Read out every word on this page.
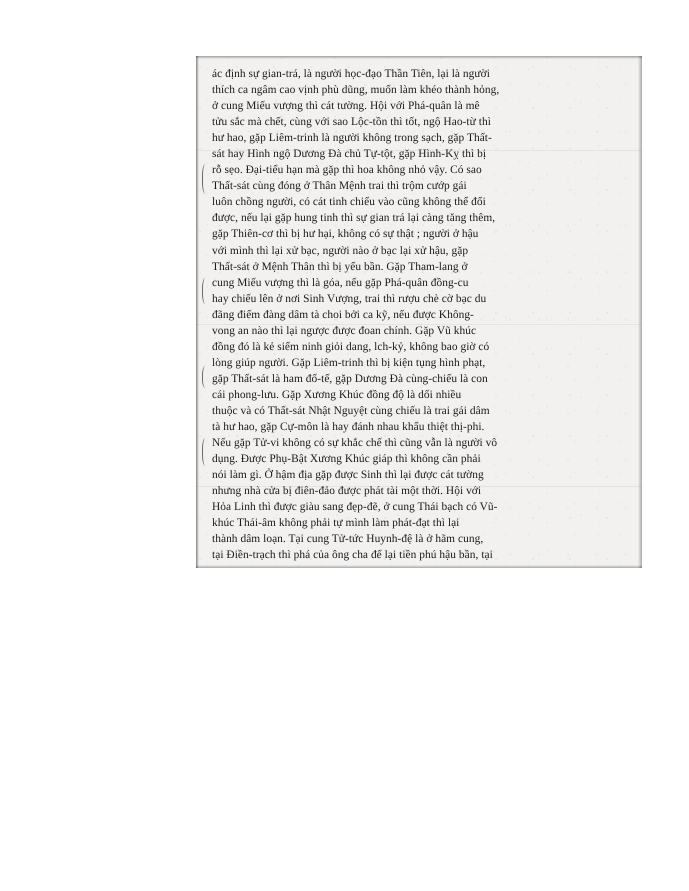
ác định sự gian-trá, là người học-đạo Thần Tiên, lại là người
thích ca ngâm cao vịnh phù dũng, muốn làm khéo thành hỏng,
ở cung Miếu vượng thì cát tường. Hội với Phá-quân là mê
tửu sắc mà chết, cùng với sao Lộc-tồn thì tốt, ngộ Hao-từ thì
hư hao, gặp Liêm-trinh là người không trong sạch, gặp Thất-
sát hay Hình ngộ Dương Đà chủ Tự-tột, gặp Hình-Kỵ thì bị
rỗ sẹo. Đại-tiểu hạn mà gặp thì hoa không nhỏ vậy. Có sao
Thất-sát cùng đóng ở Thân Mệnh trai thì trộm cướp gái
luôn chồng người, có cát tinh chiếu vào cũng không thể đổi
được, nếu lại gặp hung tinh thì sự gian trá lại càng tăng thêm,
gặp Thiên-cơ thì bị hư hại, không có sự thật ; người ở hậu
với mình thì lại xử bạc, người nào ở bạc lại xử hậu, gặp
Thất-sát ở Mệnh Thân thì bị yểu bần. Gặp Tham-lang ở
cung Miếu vượng thì là góa, nếu gặp Phá-quân đồng-cu
hay chiếu lên ở nơi Sinh Vượng, trai thì rượu chè cờ bạc du
đãng điếm đàng dâm tà choi bởi ca kỹ, nếu được Không-
vong an nào thì lại ngược được đoan chính. Gặp Vũ khúc
đồng đó là kẻ siểm ninh giỏi dang, lch-kỷ, không bao giờ có
lòng giúp người. Gặp Liêm-trinh thì bị kiện tụng hình phạt,
gặp Thất-sát là ham đố-tế, gặp Dương Đà cùng-chiếu là con
cái phong-lưu. Gặp Xương Khúc đồng độ là dối nhiều
thuộc và có Thất-sát Nhật Nguyệt cùng chiếu là trai gái dâm
tà hư hao, gặp Cự-môn là hay đánh nhau khẩu thiệt thị-phi.
Nếu gặp Tử-vi không có sự khắc chế thì cũng vẫn là người vô
dụng. Được Phụ-Bật Xương Khúc giáp thì không cần phải
nói làm gì. Ở hậm địa gặp được Sinh thì lại được cát tường
nhưng nhà cửa bị điên-đảo được phát tài một thời. Hội với
Hỏa Linh thì được giàu sang đẹp-đẽ, ở cung Thái bạch có Vũ-
khúc Thái-âm không phải tự mình làm phát-đạt thì lại
thành dâm loạn. Tại cung Tử-tức Huynh-đệ là ở hãm cung,
tại Điền-trạch thì phá của ông cha để lại tiền phú hậu bần, tại
